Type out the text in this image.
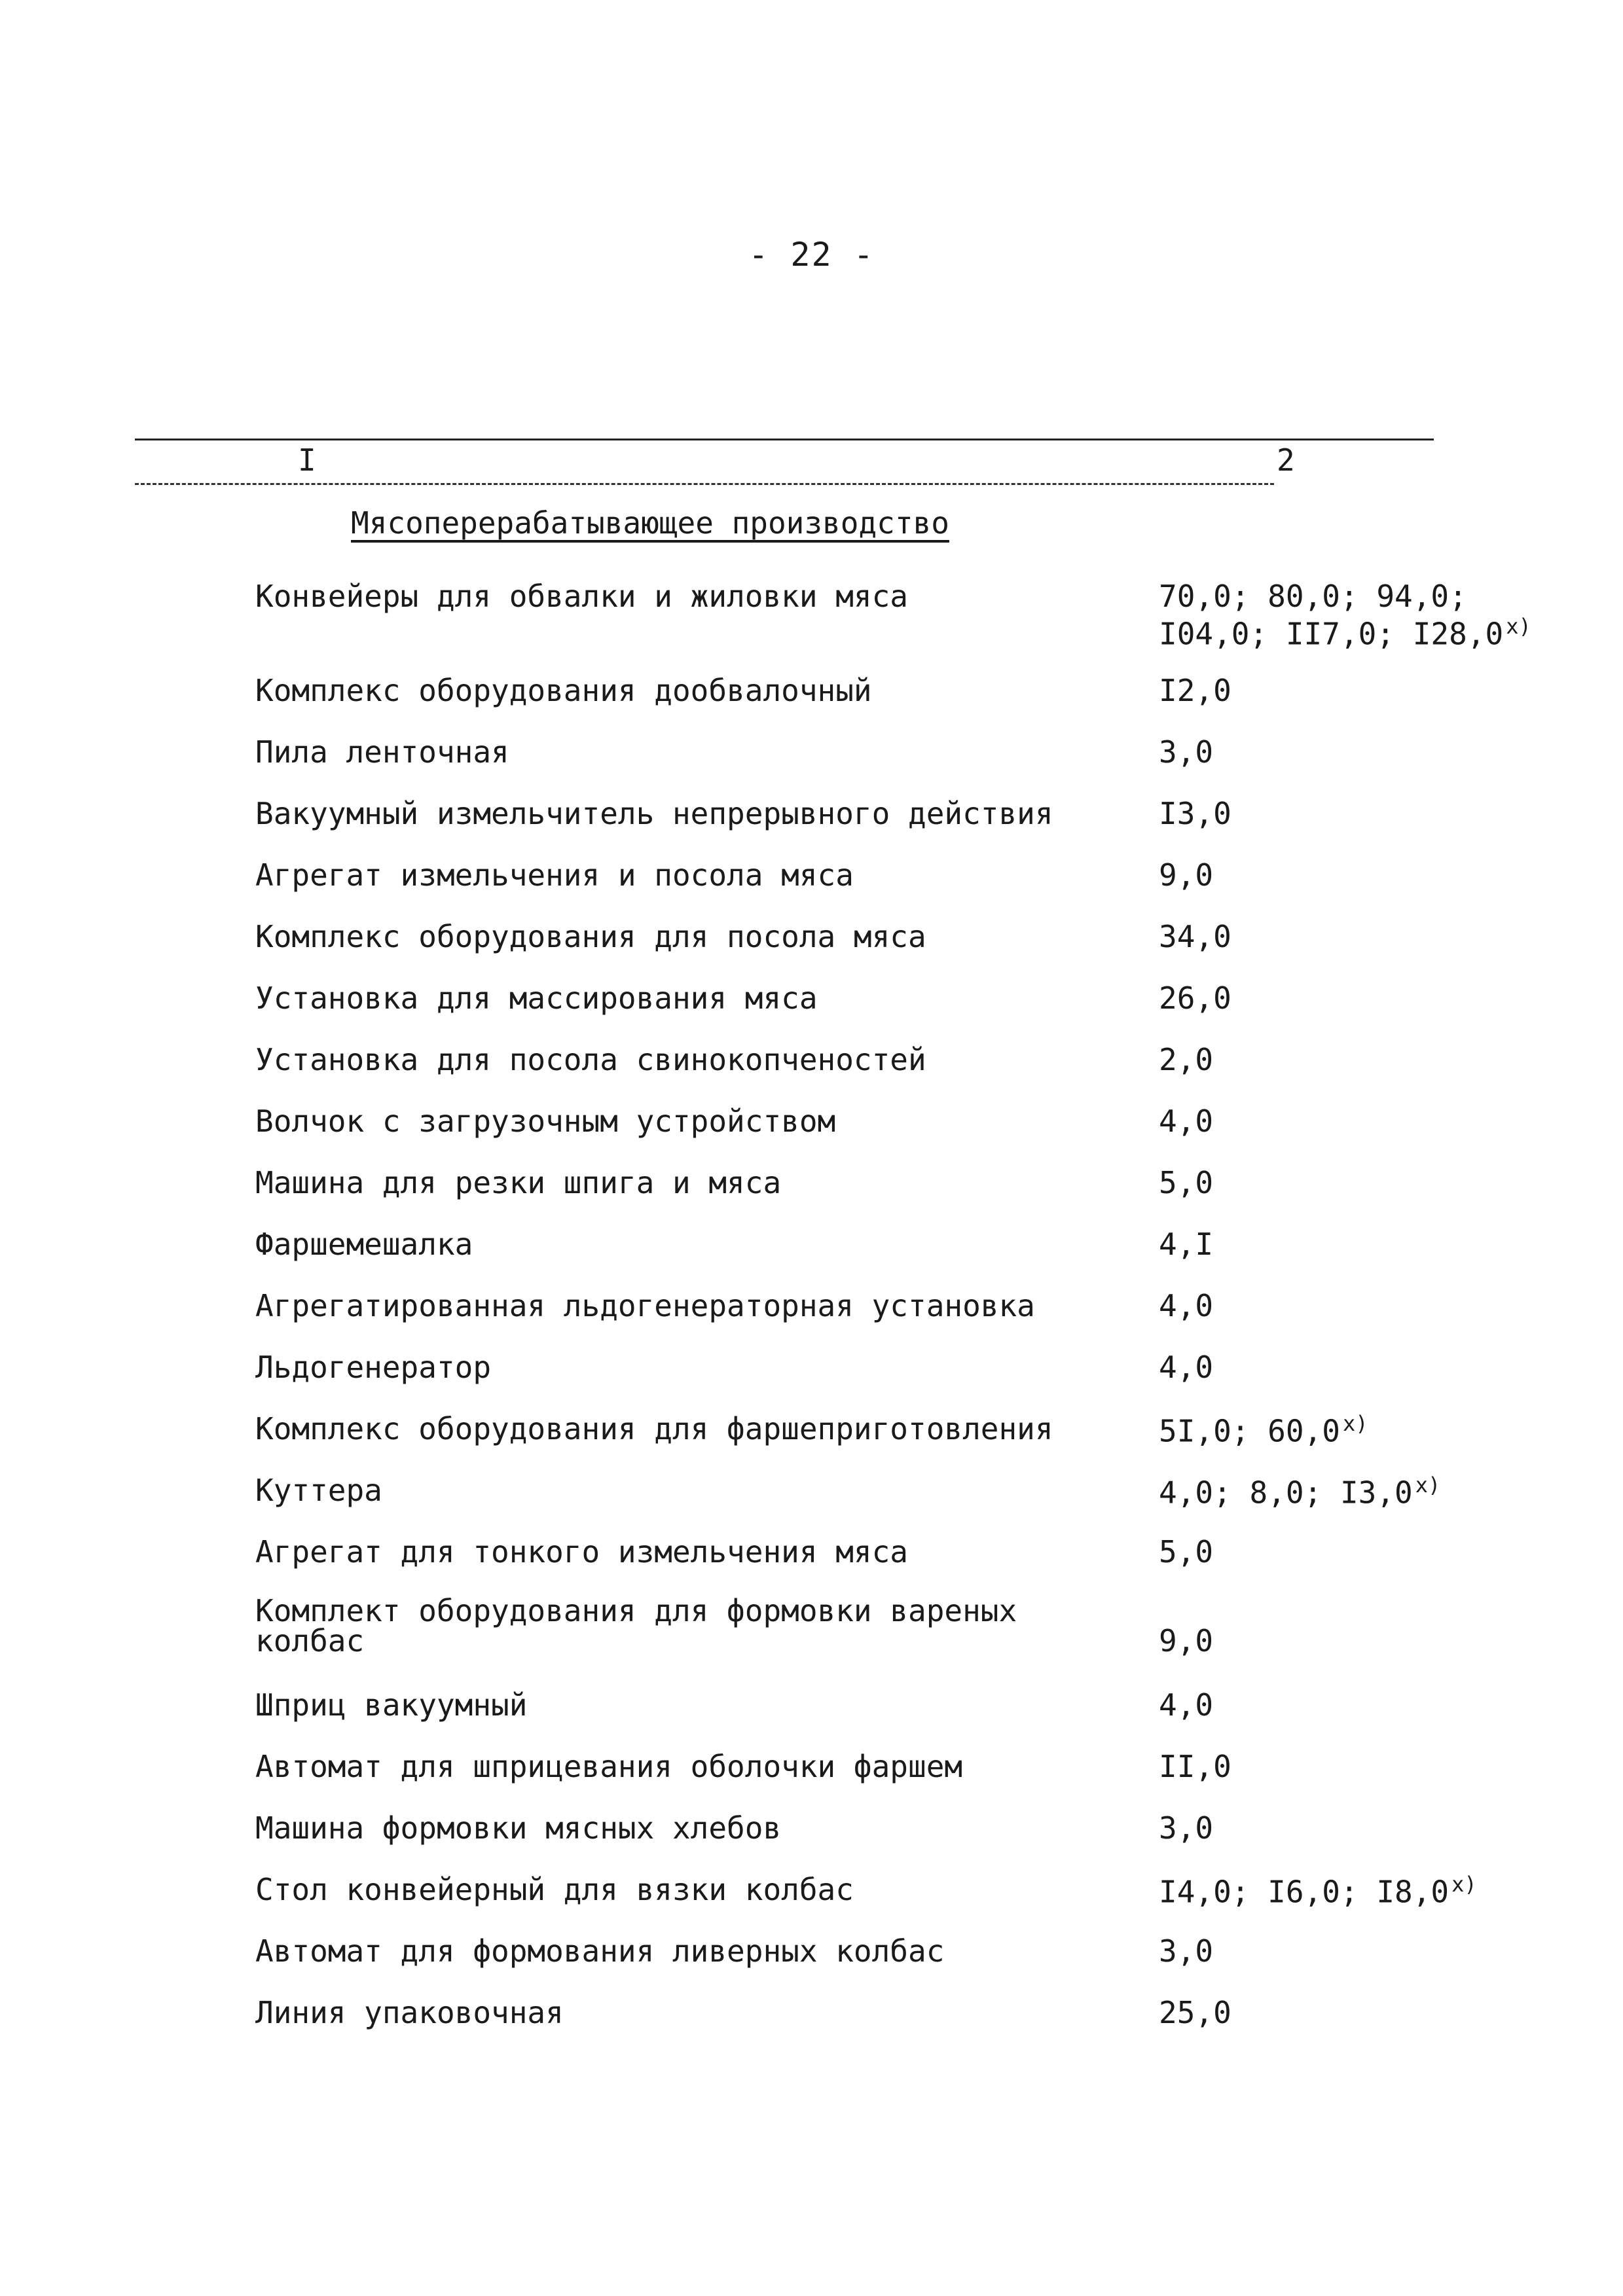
- 22 -
I	2
Мясоперерабатывающее производство
Конвейеры для обвалки и жиловки мяса	70,0; 80,0; 94,0;
I04,0; II7,0; I28,0 $^{x)}$
Комплекс оборудования дообвалочный	I2,0
Пила ленточная	3,0
Вакуумный измельчитель непрерывного действия	I3,0
Агрегат измельчения и посола мяса	9,0
Комплекс оборудования для посола мяса	34,0
Установка для массирования мяса	26,0
Установка для посола свинокопченостей	2,0
Волчок с загрузочным устройством	4,0
Машина для резки шпига и мяса	5,0
Фаршемешалка	4,I
Агрегатированная льдогенераторная установка	4,0
Льдогенератор	4,0
Комплекс оборудования для фаршеприготовления	5I,0; 60,0 $^{x)}$
Куттера	4,0; 8,0; I3,0 $^{x)}$
Агрегат для тонкого измельчения мяса	5,0
Комплект оборудования для формовки вареных
колбас	9,0
Шприц вакуумный	4,0
Автомат для шприцевания оболочки фаршем	II,0
Машина формовки мясных хлебов	3,0
Стол конвейерный для вязки колбас	I4,0; I6,0; I8,0 $^{x)}$
Автомат для формования ливерных колбас	3,0
Линия упаковочная	25,0
